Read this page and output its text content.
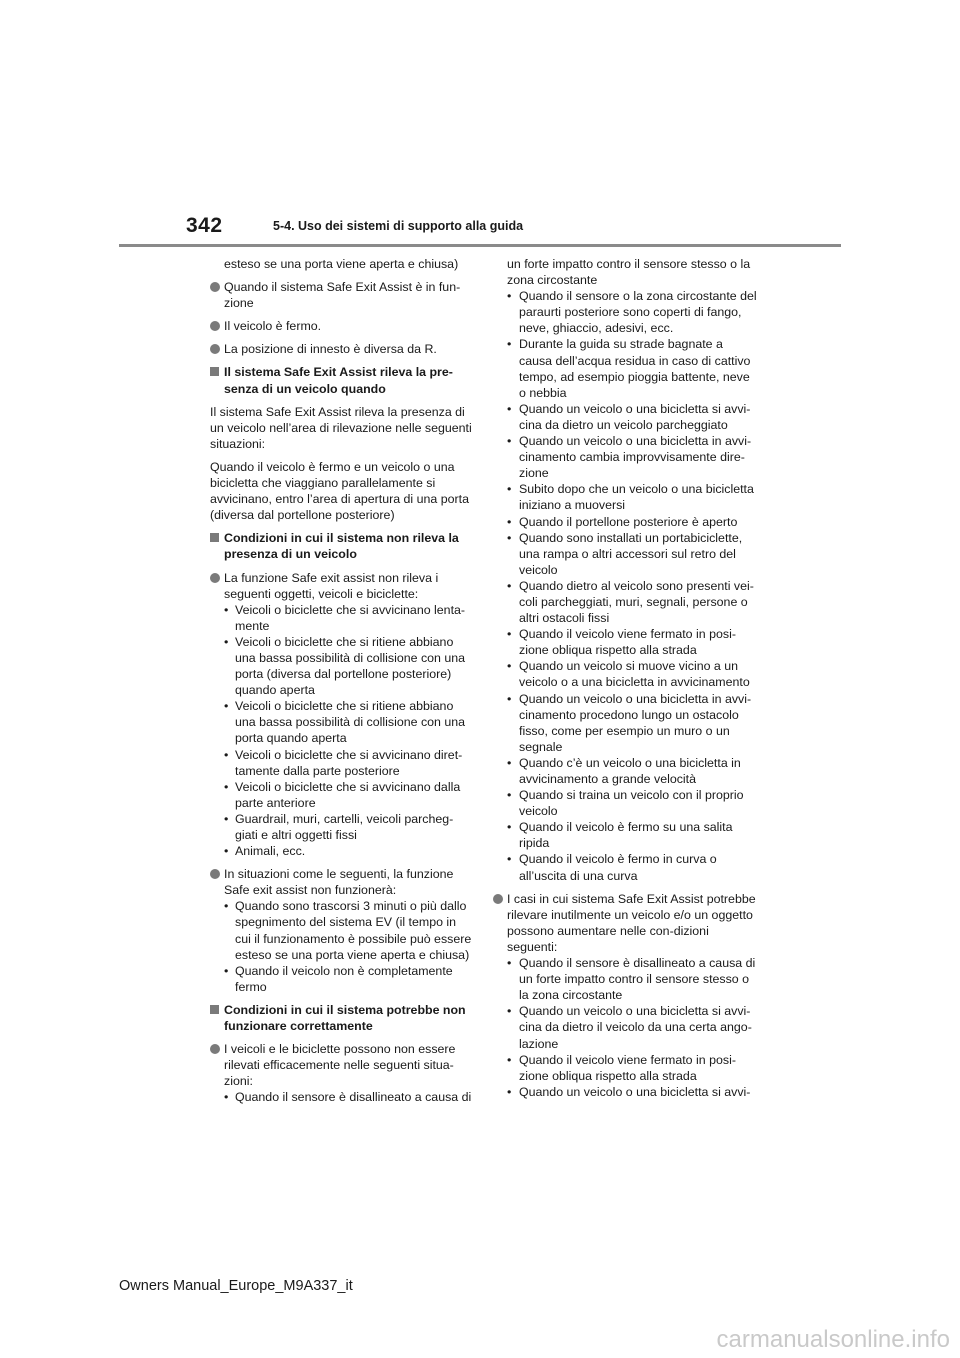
342	5-4. Uso dei sistemi di supporto alla guida
esteso se una porta viene aperta e chiusa)
Quando il sistema Safe Exit Assist è in fun-zione
Il veicolo è fermo.
La posizione di innesto è diversa da R.
Il sistema Safe Exit Assist rileva la pre-senza di un veicolo quando
Il sistema Safe Exit Assist rileva la presenza di un veicolo nell’area di rilevazione nelle seguenti situazioni:
Quando il veicolo è fermo e un veicolo o una bicicletta che viaggiano parallelamente si avvicinano, entro l’area di apertura di una porta (diversa dal portellone posteriore)
Condizioni in cui il sistema non rileva la presenza di un veicolo
La funzione Safe exit assist non rileva i seguenti oggetti, veicoli e biciclette:
• Veicoli o biciclette che si avvicinano lenta-mente
• Veicoli o biciclette che si ritiene abbiano una bassa possibilità di collisione con una porta (diversa dal portellone posteriore) quando aperta
• Veicoli o biciclette che si ritiene abbiano una bassa possibilità di collisione con una porta quando aperta
• Veicoli o biciclette che si avvicinano diret-tamente dalla parte posteriore
• Veicoli o biciclette che si avvicinano dalla parte anteriore
• Guardrail, muri, cartelli, veicoli parcheg-giati e altri oggetti fissi
• Animali, ecc.
In situazioni come le seguenti, la funzione Safe exit assist non funzionerà:
• Quando sono trascorsi 3 minuti o più dallo spegnimento del sistema EV (il tempo in cui il funzionamento è possibile può essere esteso se una porta viene aperta e chiusa)
• Quando il veicolo non è completamente fermo
Condizioni in cui il sistema potrebbe non funzionare correttamente
I veicoli e le biciclette possono non essere rilevati efficacemente nelle seguenti situa-zioni:
• Quando il sensore è disallineato a causa di
un forte impatto contro il sensore stesso o la zona circostante
• Quando il sensore o la zona circostante del paraurti posteriore sono coperti di fango, neve, ghiaccio, adesivi, ecc.
• Durante la guida su strade bagnate a causa dell’acqua residua in caso di cattivo tempo, ad esempio pioggia battente, neve o nebbia
• Quando un veicolo o una bicicletta si avvi-cina da dietro un veicolo parcheggiato
• Quando un veicolo o una bicicletta in avvi-cinamento cambia improvvisamente dire-zione
• Subito dopo che un veicolo o una bicicletta iniziano a muoversi
• Quando il portellone posteriore è aperto
• Quando sono installati un portabiciclette, una rampa o altri accessori sul retro del veicolo
• Quando dietro al veicolo sono presenti vei-coli parcheggiati, muri, segnali, persone o altri ostacoli fissi
• Quando il veicolo viene fermato in posi-zione obliqua rispetto alla strada
• Quando un veicolo si muove vicino a un veicolo o a una bicicletta in avvicinamento
• Quando un veicolo o una bicicletta in avvi-cinamento procedono lungo un ostacolo fisso, come per esempio un muro o un segnale
• Quando c’è un veicolo o una bicicletta in avvicinamento a grande velocità
• Quando si traina un veicolo con il proprio veicolo
• Quando il veicolo è fermo su una salita ripida
• Quando il veicolo è fermo in curva o all’uscita di una curva
I casi in cui sistema Safe Exit Assist potrebbe rilevare inutilmente un veicolo e/o un oggetto possono aumentare nelle con-dizioni seguenti:
• Quando il sensore è disallineato a causa di un forte impatto contro il sensore stesso o la zona circostante
• Quando un veicolo o una bicicletta si avvi-cina da dietro il veicolo da una certa ango-lazione
• Quando il veicolo viene fermato in posi-zione obliqua rispetto alla strada
• Quando un veicolo o una bicicletta si avvi-
Owners Manual_Europe_M9A337_it
carmanualsonline.info
